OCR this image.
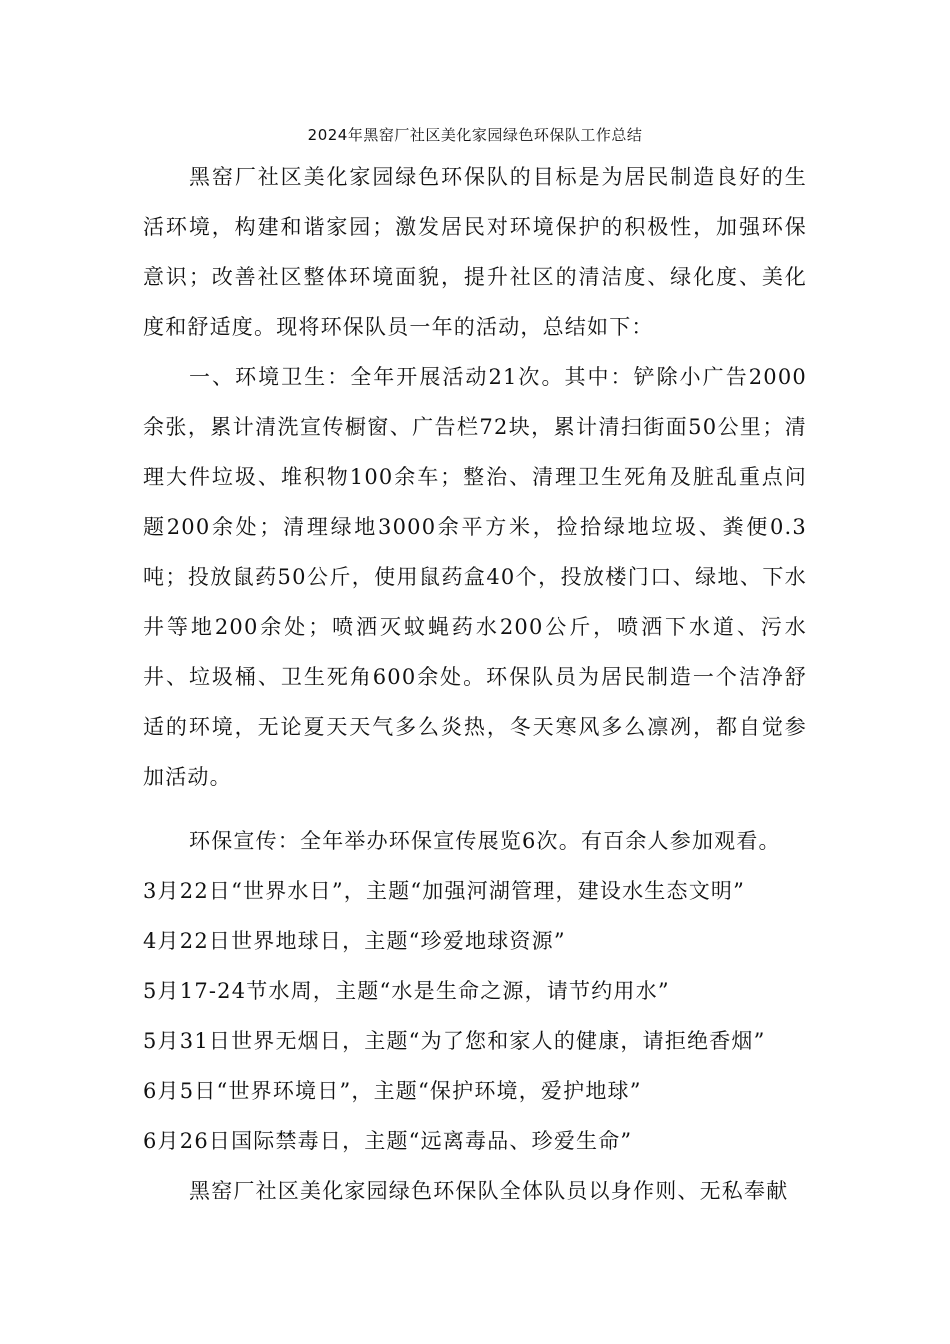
2024年黑窑厂社区美化家园绿色环保队工作总结

黑窑厂社区美化家园绿色环保队的目标是为居民制造良好的生活环境，构建和谐家园；激发居民对环境保护的积极性，加强环保意识；改善社区整体环境面貌，提升社区的清洁度、绿化度、美化度和舒适度。现将环保队员一年的活动，总结如下：

一、环境卫生：全年开展活动21次。其中：铲除小广告2000余张，累计清洗宣传橱窗、广告栏72块，累计清扫街面50公里；清理大件垃圾、堆积物100余车；整治、清理卫生死角及脏乱重点问题200余处；清理绿地3000余平方米，捡拾绿地垃圾、粪便0.3吨；投放鼠药50公斤，使用鼠药盒40个，投放楼门口、绿地、下水井等地200余处；喷洒灭蚊蝇药水200公斤，喷洒下水道、污水井、垃圾桶、卫生死角600余处。环保队员为居民制造一个洁净舒适的环境，无论夏天天气多么炎热，冬天寒风多么凛冽，都自觉参加活动。

环保宣传：全年举办环保宣传展览6次。有百余人参加观看。

3月22日“世界水日”，主题“加强河湖管理，建设水生态文明”

4月22日世界地球日，主题“珍爱地球资源”

5月17-24节水周，主题“水是生命之源，请节约用水”

5月31日世界无烟日，主题“为了您和家人的健康，请拒绝香烟”

6月5日“世界环境日”，主题“保护环境，爱护地球”

6月26日国际禁毒日，主题“远离毒品、珍爱生命”

黑窑厂社区美化家园绿色环保队全体队员以身作则、无私奉献
